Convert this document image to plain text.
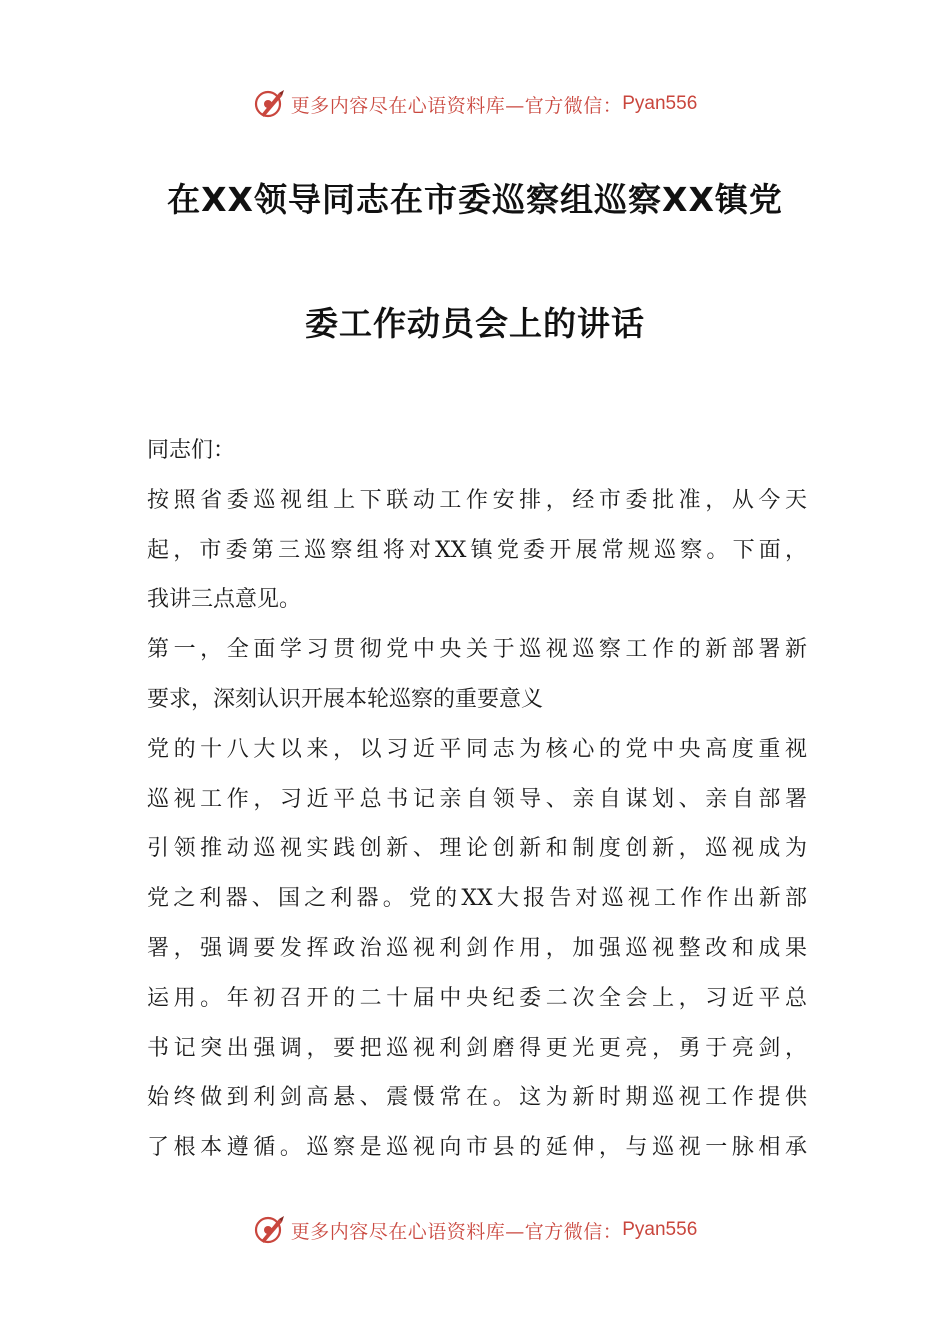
更多内容尽在心语资料库—官方微信： Pyan556
在XX领导同志在市委巡察组巡察XX镇党
委工作动员会上的讲话
同志们：
按照省委巡视组上下联动工作安排，经市委批准，从今天
起，市委第三巡察组将对XX镇党委开展常规巡察。下面，
我讲三点意见。
第一，全面学习贯彻党中央关于巡视巡察工作的新部署新
要求，深刻认识开展本轮巡察的重要意义
党的十八大以来，以习近平同志为核心的党中央高度重视
巡视工作，习近平总书记亲自领导、亲自谋划、亲自部署
引领推动巡视实践创新、理论创新和制度创新，巡视成为
党之利器、国之利器。党的XX大报告对巡视工作作出新部
署，强调要发挥政治巡视利剑作用，加强巡视整改和成果
运用。年初召开的二十届中央纪委二次全会上，习近平总
书记突出强调，要把巡视利剑磨得更光更亮，勇于亮剑，
始终做到利剑高悬、震慑常在。这为新时期巡视工作提供
了根本遵循。巡察是巡视向市县的延伸，与巡视一脉相承
更多内容尽在心语资料库—官方微信： Pyan556
